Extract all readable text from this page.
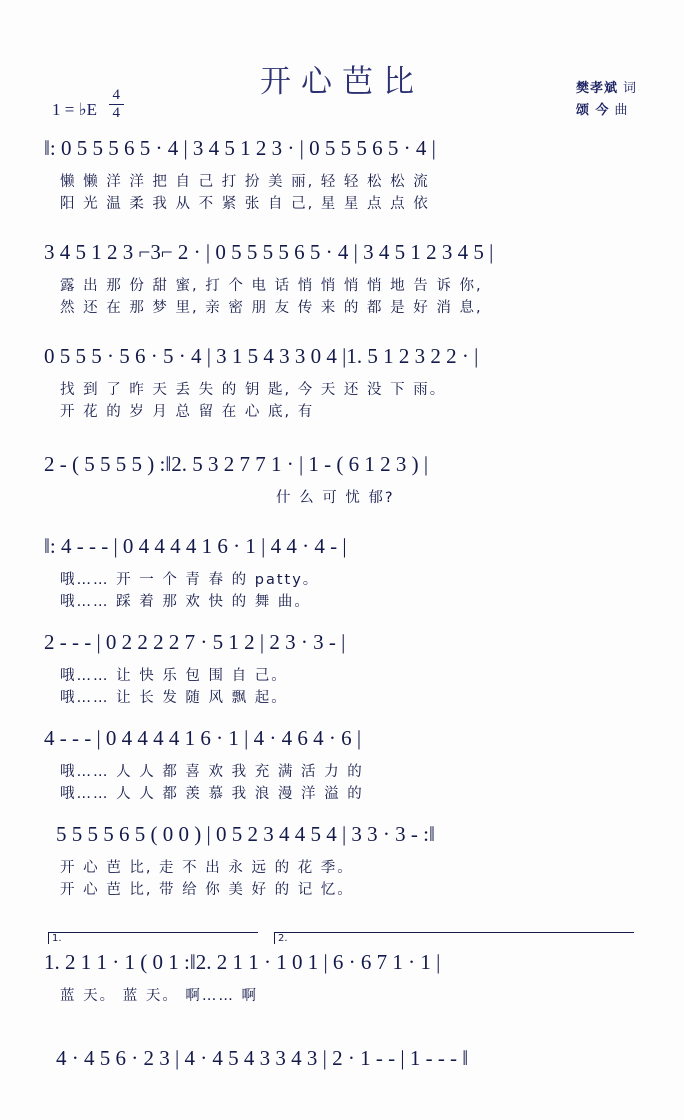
开心芭比
1 = ♭E $\frac{4}{4}$	樊孝斌 词
颂 今 曲
‖: 0 5 5 5 6 5 · 4 | 3 4 5 1 2 3 · | 0 5 5 5 6 5 · 4 |
懒 懒 洋 洋 把 自 己 打 扮 美 丽, 轻 轻 松 松 流
阳 光 温 柔 我 从 不 紧 张 自 己, 星 星 点 点 依
3 4 5 1 2 3 ⌐3⌐ 2 · | 0 5 5 5 5 6 5 · 4 | 3 4 5 1 2 3 4 5 |
露 出 那 份 甜 蜜, 打 个 电 话 悄 悄 悄 悄 地 告 诉 你,
然 还 在 那 梦 里, 亲 密 朋 友 传 来 的 都 是 好 消 息,
0 5 5 5 · 5 6 · 5 · 4 | 3 1 5 4 3 3 0 4 |1. 5 1 2 3 2 2 · |
找 到 了 昨 天 丢 失 的 钥 匙, 今 天 还 没 下 雨。
开 花 的 岁 月 总 留 在 心 底, 有
2 - ( 5 5 5 5 ) :‖2. 5 3 2 7 7 1 · | 1 - ( 6 1 2 3 ) |
什 么 可 忧 郁?
‖: 4 - - - | 0 4 4 4 4 1 6 · 1 | 4 4 · 4 - |
哦…… 开 一 个 青 春 的 patty。
哦…… 踩 着 那 欢 快 的 舞 曲。
2 - - - | 0 2 2 2 2 7 · 5 1 2 | 2 3 · 3 - |
哦…… 让 快 乐 包 围 自 己。
哦…… 让 长 发 随 风 飘 起。
4 - - - | 0 4 4 4 4 1 6 · 1 | 4 · 4 6 4 · 6 |
哦…… 人 人 都 喜 欢 我 充 满 活 力 的
哦…… 人 人 都 羡 慕 我 浪 漫 洋 溢 的
5 5 5 5 6 5 ( 0 0 ) | 0 5 2 3 4 4 5 4 | 3 3 · 3 - :‖
开 心 芭 比, 走 不 出 永 远 的 花 季。
开 心 芭 比, 带 给 你 美 好 的 记 忆。
1.	2.
1. 2 1 1 · 1 ( 0 1 :‖2. 2 1 1 · 1 0 1 | 6 · 6 7 1 · 1 |
蓝 天。 蓝 天。 啊…… 啊
4 · 4 5 6 · 2 3 | 4 · 4 5 4 3 3 4 3 | 2 · 1 - - | 1 - - - ‖
